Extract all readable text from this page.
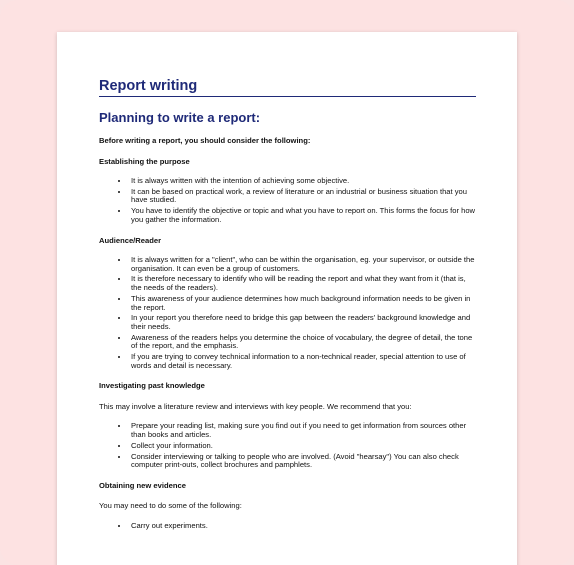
Report writing
Planning to write a report:
Before writing a report, you should consider the following:
Establishing the purpose
• It is always written with the intention of achieving some objective.
• It can be based on practical work, a review of literature or an industrial or business situation that you have studied.
• You have to identify the objective or topic and what you have to report on. This forms the focus for how you gather the information.
Audience/Reader
• It is always written for a "client", who can be within the organisation, eg. your supervisor, or outside the organisation. It can even be a group of customers.
• It is therefore necessary to identify who will be reading the report and what they want from it (that is, the needs of the readers).
• This awareness of your audience determines how much background information needs to be given in the report.
• In your report you therefore need to bridge this gap between the readers' background knowledge and their needs.
• Awareness of the readers helps you determine the choice of vocabulary, the degree of detail, the tone of the report, and the emphasis.
• If you are trying to convey technical information to a non-technical reader, special attention to use of words and detail is necessary.
Investigating past knowledge
This may involve a literature review and interviews with key people. We recommend that you:
• Prepare your reading list, making sure you find out if you need to get information from sources other than books and articles.
• Collect your information.
• Consider interviewing or talking to people who are involved. (Avoid "hearsay") You can also check computer print-outs, collect brochures and pamphlets.
Obtaining new evidence
You may need to do some of the following:
• Carry out experiments.
